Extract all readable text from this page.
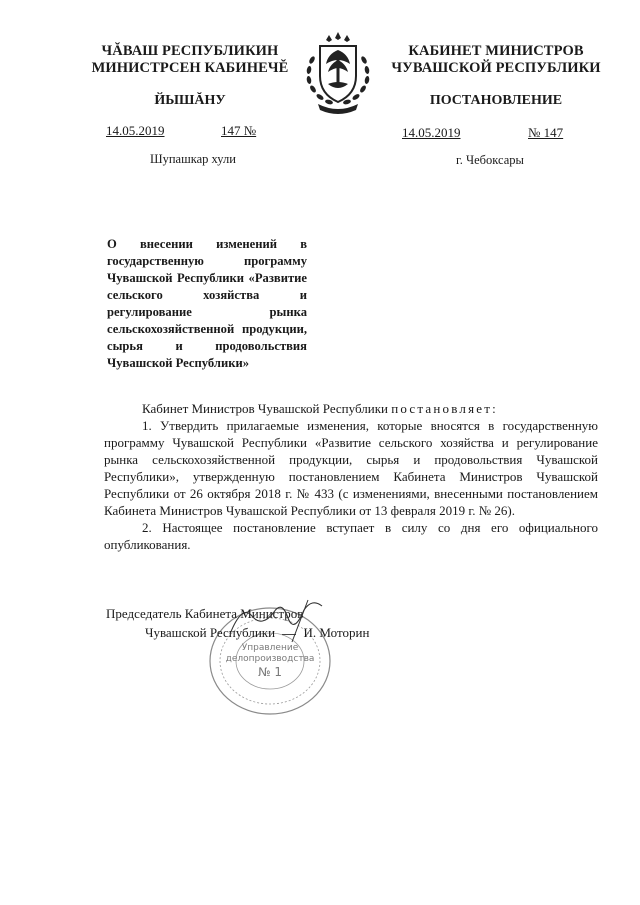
ЧĂВАШ РЕСПУБЛИКИН
МИНИСТРСЕН КАБИНЕЧĔ
ЙЫШĂНУ
КАБИНЕТ МИНИСТРОВ
ЧУВАШСКОЙ РЕСПУБЛИКИ
ПОСТАНОВЛЕНИЕ
14.05.2019	147 №	14.05.2019	№ 147
Шупашкар хули	г. Чебоксары
О внесении изменений в государственную программу Чувашской Республики «Развитие сельского хозяйства и регулирование рынка сельскохозяйственной продукции, сырья и продовольствия Чувашской Республики»

Кабинет Министров Чувашской Республики постановляет:

1. Утвердить прилагаемые изменения, которые вносятся в государственную программу Чувашской Республики «Развитие сельского хозяйства и регулирование рынка сельскохозяйственной продукции, сырья и продовольствия Чувашской Республики», утвержденную постановлением Кабинета Министров Чувашской Республики от 26 октября 2018 г. № 433 (с изменениями, внесенными постановлением Кабинета Министров Чувашской Республики от 13 февраля 2019 г. № 26).

2. Настоящее постановление вступает в силу со дня его официального опубликования.

Управление
делопроизводства
№ 1
Председатель Кабинета Министров
Чувашской Республики И. Моторин
